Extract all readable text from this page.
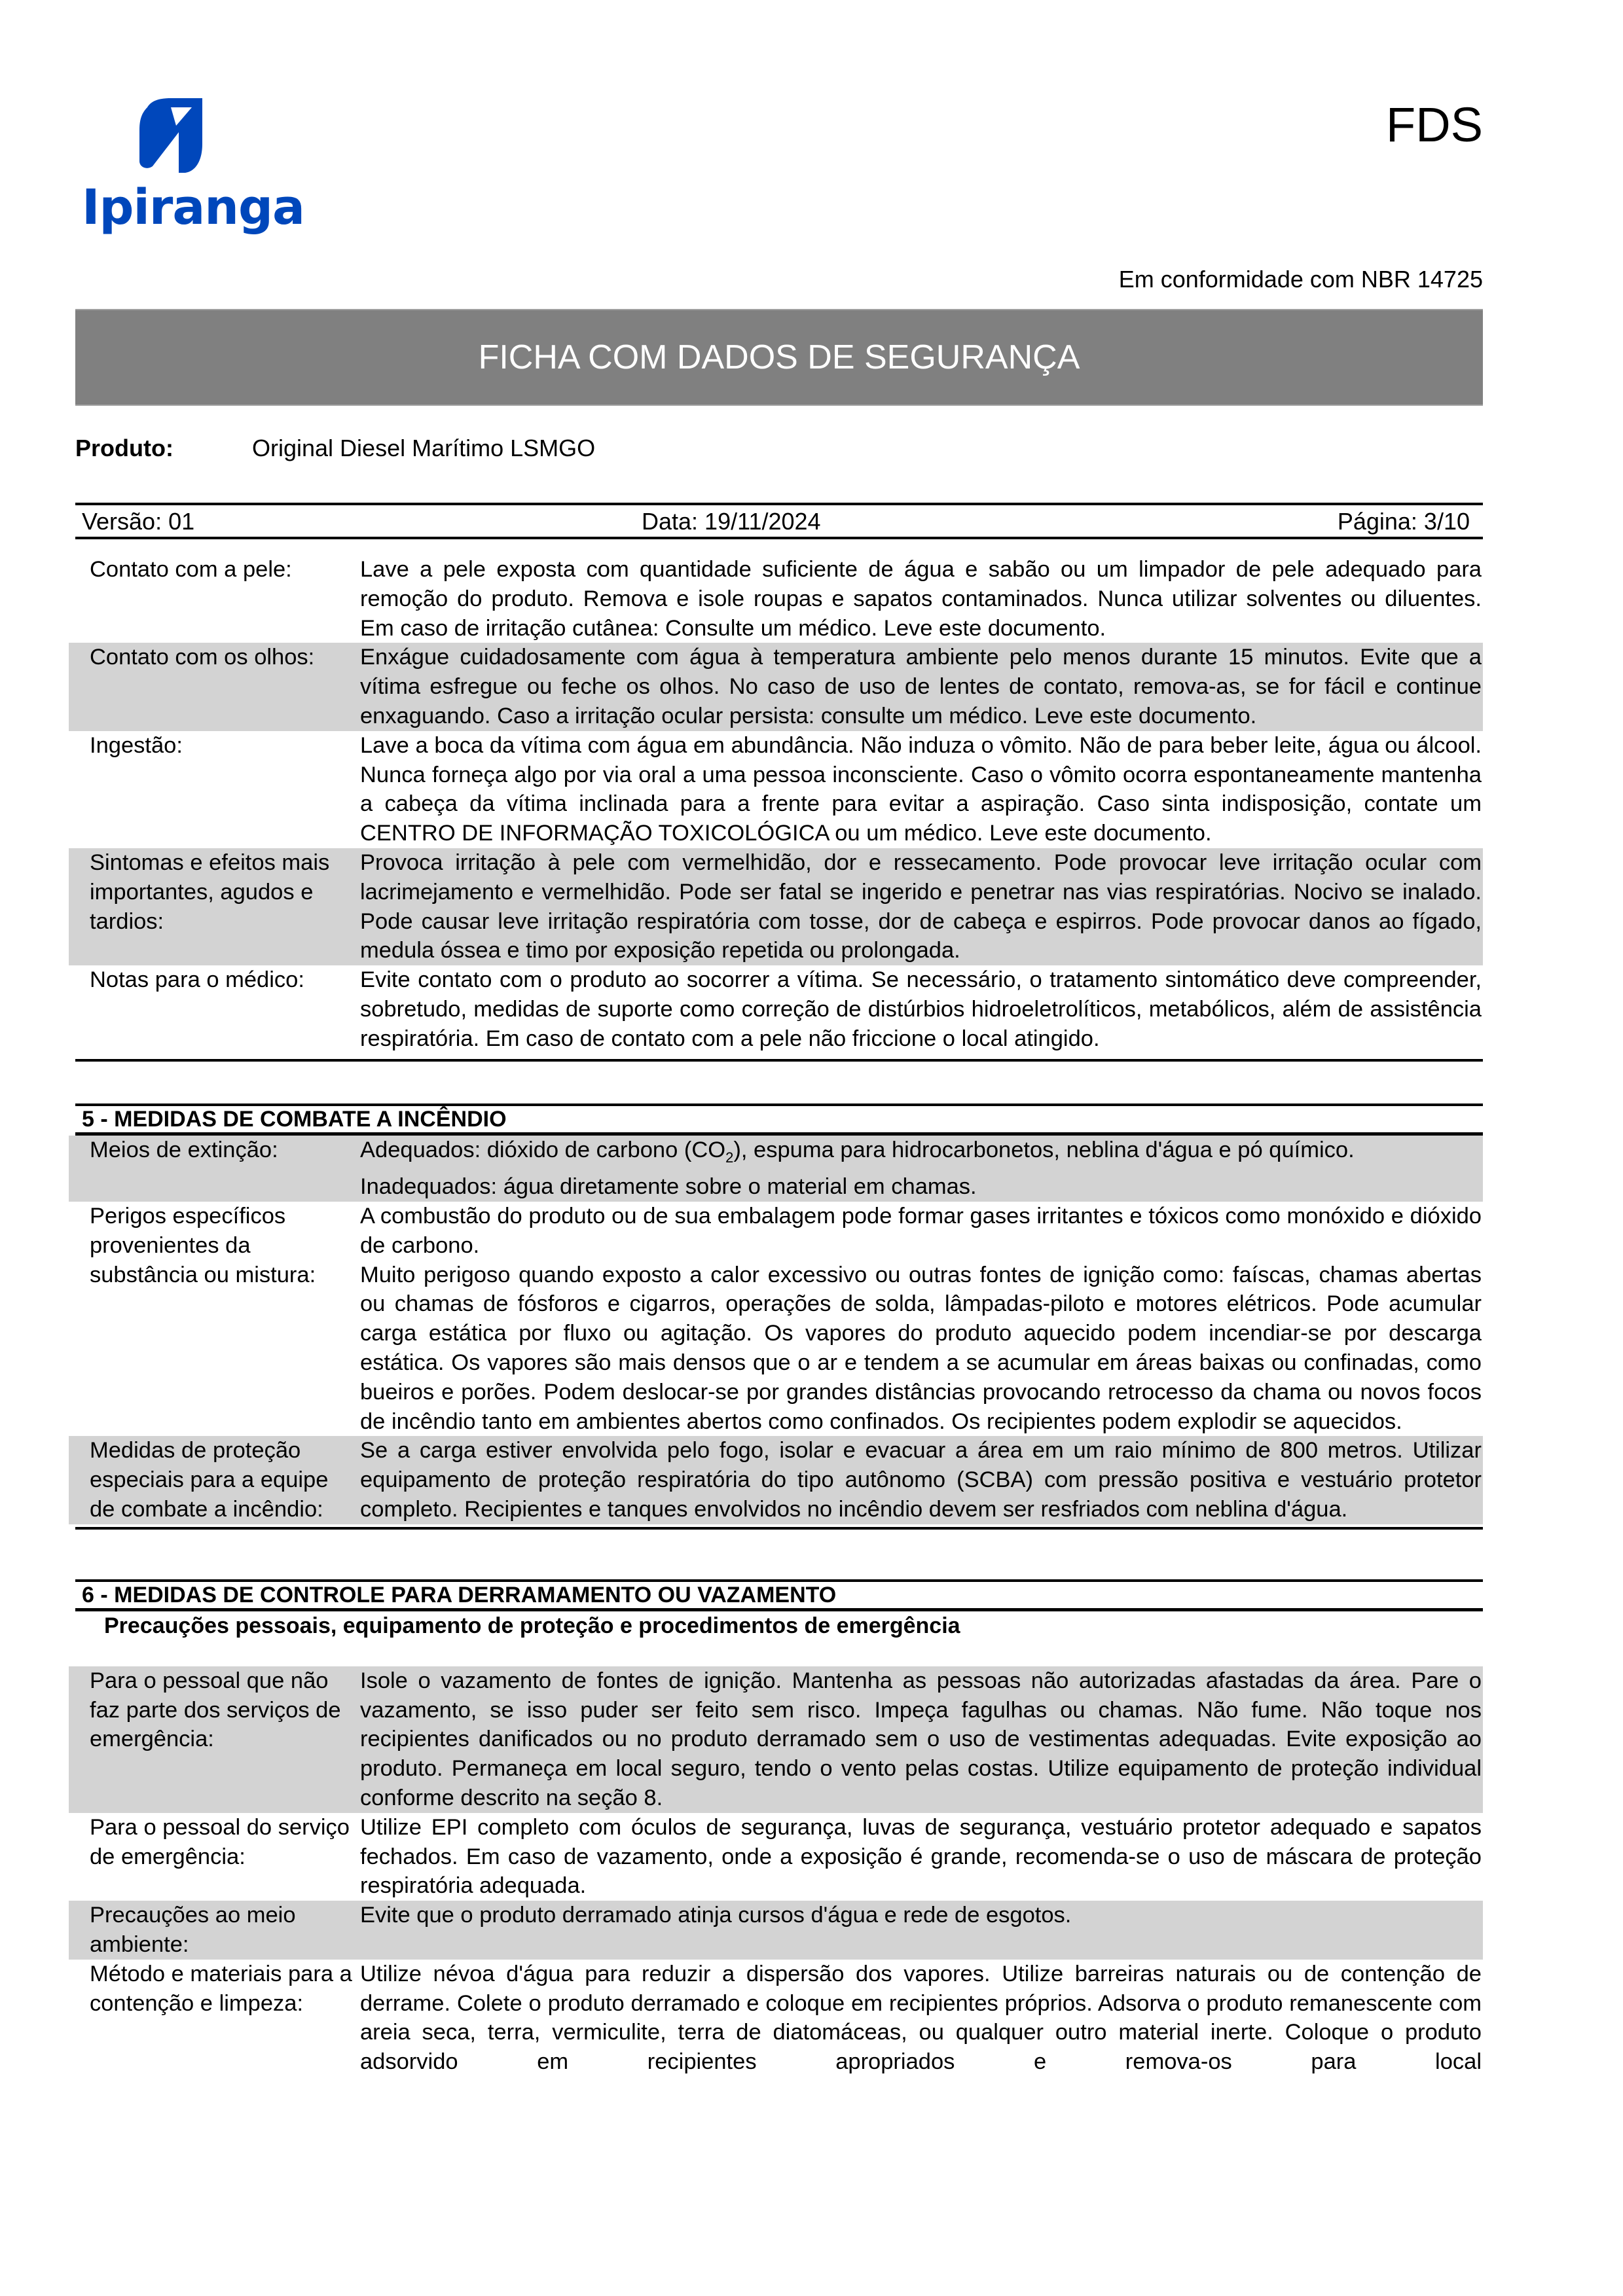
Ipiranga
FDS
Em conformidade com NBR 14725
FICHA COM DADOS DE SEGURANÇA
Produto:	Original Diesel Marítimo LSMGO
Versão: 01	Data: 19/11/2024	Página: 3/10
Contato com a pele:	Lave a pele exposta com quantidade suficiente de água e sabão ou um limpador de pele adequado para remoção do produto. Remova e isole roupas e sapatos contaminados. Nunca utilizar solventes ou diluentes. Em caso de irritação cutânea: Consulte um médico. Leve este documento.
Contato com os olhos:	Enxágue cuidadosamente com água à temperatura ambiente pelo menos durante 15 minutos. Evite que a vítima esfregue ou feche os olhos. No caso de uso de lentes de contato, remova-as, se for fácil e continue enxaguando. Caso a irritação ocular persista: consulte um médico. Leve este documento.
Ingestão:	Lave a boca da vítima com água em abundância. Não induza o vômito. Não de para beber leite, água ou álcool. Nunca forneça algo por via oral a uma pessoa inconsciente. Caso o vômito ocorra espontaneamente mantenha a cabeça da vítima inclinada para a frente para evitar a aspiração. Caso sinta indisposição, contate um CENTRO DE INFORMAÇÃO TOXICOLÓGICA ou um médico. Leve este documento.
Sintomas e efeitos mais importantes, agudos e tardios:
Provoca irritação à pele com vermelhidão, dor e ressecamento. Pode provocar leve irritação ocular com lacrimejamento e vermelhidão. Pode ser fatal se ingerido e penetrar nas vias respiratórias. Nocivo se inalado. Pode causar leve irritação respiratória com tosse, dor de cabeça e espirros. Pode provocar danos ao fígado, medula óssea e timo por exposição repetida ou prolongada.
Notas para o médico:	Evite contato com o produto ao socorrer a vítima. Se necessário, o tratamento sintomático deve compreender, sobretudo, medidas de suporte como correção de distúrbios hidroeletrolíticos, metabólicos, além de assistência respiratória. Em caso de contato com a pele não friccione o local atingido.
5 - MEDIDAS DE COMBATE A INCÊNDIO
Meios de extinção:	Adequados: dióxido de carbono $(CO_2)$, espuma para hidrocarbonetos, neblina d'água e pó químico.

Inadequados: água diretamente sobre o material em chamas.

Perigos específicos provenientes da substância ou mistura:

A combustão do produto ou de sua embalagem pode formar gases irritantes e tóxicos como monóxido e dióxido de carbono.

Muito perigoso quando exposto a calor excessivo ou outras fontes de ignição como: faíscas, chamas abertas ou chamas de fósforos e cigarros, operações de solda, lâmpadas-piloto e motores elétricos. Pode acumular carga estática por fluxo ou agitação. Os vapores do produto aquecido podem incendiar-se por descarga estática. Os vapores são mais densos que o ar e tendem a se acumular em áreas baixas ou confinadas, como bueiros e porões. Podem deslocar-se por grandes distâncias provocando retrocesso da chama ou novos focos de incêndio tanto em ambientes abertos como confinados. Os recipientes podem explodir se aquecidos.

Medidas de proteção especiais para a equipe de combate a incêndio:
Se a carga estiver envolvida pelo fogo, isolar e evacuar a área em um raio mínimo de 800 metros. Utilizar equipamento de proteção respiratória do tipo autônomo (SCBA) com pressão positiva e vestuário protetor completo. Recipientes e tanques envolvidos no incêndio devem ser resfriados com neblina d'água.
6 - MEDIDAS DE CONTROLE PARA DERRAMAMENTO OU VAZAMENTO
Precauções pessoais, equipamento de proteção e procedimentos de emergência
Para o pessoal que não faz parte dos serviços de emergência:
Isole o vazamento de fontes de ignição. Mantenha as pessoas não autorizadas afastadas da área. Pare o vazamento, se isso puder ser feito sem risco. Impeça fagulhas ou chamas. Não fume. Não toque nos recipientes danificados ou no produto derramado sem o uso de vestimentas adequadas. Evite exposição ao produto. Permaneça em local seguro, tendo o vento pelas costas. Utilize equipamento de proteção individual conforme descrito na seção 8.
Para o pessoal do serviço de emergência:
Utilize EPI completo com óculos de segurança, luvas de segurança, vestuário protetor adequado e sapatos fechados. Em caso de vazamento, onde a exposição é grande, recomenda-se o uso de máscara de proteção respiratória adequada.
Precauções ao meio ambiente:
Evite que o produto derramado atinja cursos d'água e rede de esgotos.
Método e materiais para a contenção e limpeza:
Utilize névoa d'água para reduzir a dispersão dos vapores. Utilize barreiras naturais ou de contenção de derrame. Colete o produto derramado e coloque em recipientes próprios. Adsorva o produto remanescente com areia seca, terra, vermiculite, terra de diatomáceas, ou qualquer outro material inerte. Coloque o produto adsorvido em recipientes apropriados e remova-os para local
